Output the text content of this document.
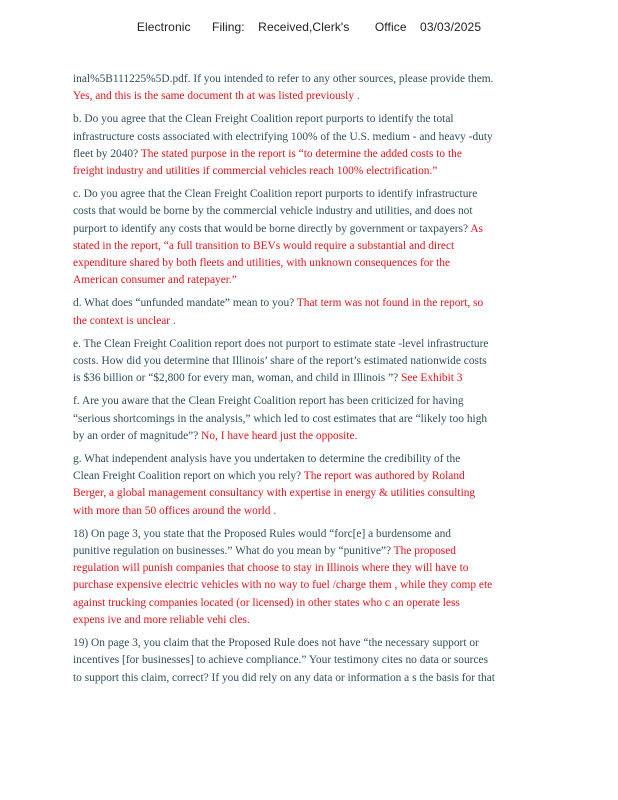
Electronic Filing: Received,Clerk's Office 03/03/2025
inal%5B111225%5D.pdf. If you intended to refer to any other sources, please provide them.
Yes, and this is the same document th at was listed previously .
b. Do you agree that the Clean Freight Coalition report purports to identify the total
infrastructure costs associated with electrifying 100% of the U.S. medium - and heavy -duty
fleet by 2040? The stated purpose in the report is “to determine the added costs to the
freight industry and utilities if commercial vehicles reach 100% electrification.”
c. Do you agree that the Clean Freight Coalition report purports to identify infrastructure
costs that would be borne by the commercial vehicle industry and utilities, and does not
purport to identify any costs that would be borne directly by government or taxpayers? As
stated in the report, “a full transition to BEVs would require a substantial and direct
expenditure shared by both fleets and utilities, with unknown consequences for the
American consumer and ratepayer.”
d. What does “unfunded mandate” mean to you? That term was not found in the report, so
the context is unclear .
e. The Clean Freight Coalition report does not purport to estimate state -level infrastructure
costs. How did you determine that Illinois’ share of the report’s estimated nationwide costs
is $36 billion or “$2,800 for every man, woman, and child in Illinois ”? See Exhibit 3
f. Are you aware that the Clean Freight Coalition report has been criticized for having
“serious shortcomings in the analysis,” which led to cost estimates that are “likely too high
by an order of magnitude”? No, I have heard just the opposite.
g. What independent analysis have you undertaken to determine the credibility of the
Clean Freight Coalition report on which you rely? The report was authored by Roland
Berger, a global management consultancy with expertise in energy & utilities consulting
with more than 50 offices around the world .
18) On page 3, you state that the Proposed Rules would “forc[e] a burdensome and
punitive regulation on businesses.” What do you mean by “punitive”? The proposed
regulation will punish companies that choose to stay in Illinois where they will have to
purchase expensive electric vehicles with no way to fuel /charge them , while they comp ete
against trucking companies located (or licensed) in other states who c an operate less
expens ive and more reliable vehi cles.
19) On page 3, you claim that the Proposed Rule does not have “the necessary support or
incentives [for businesses] to achieve compliance.” Your testimony cites no data or sources
to support this claim, correct? If you did rely on any data or information a s the basis for that
